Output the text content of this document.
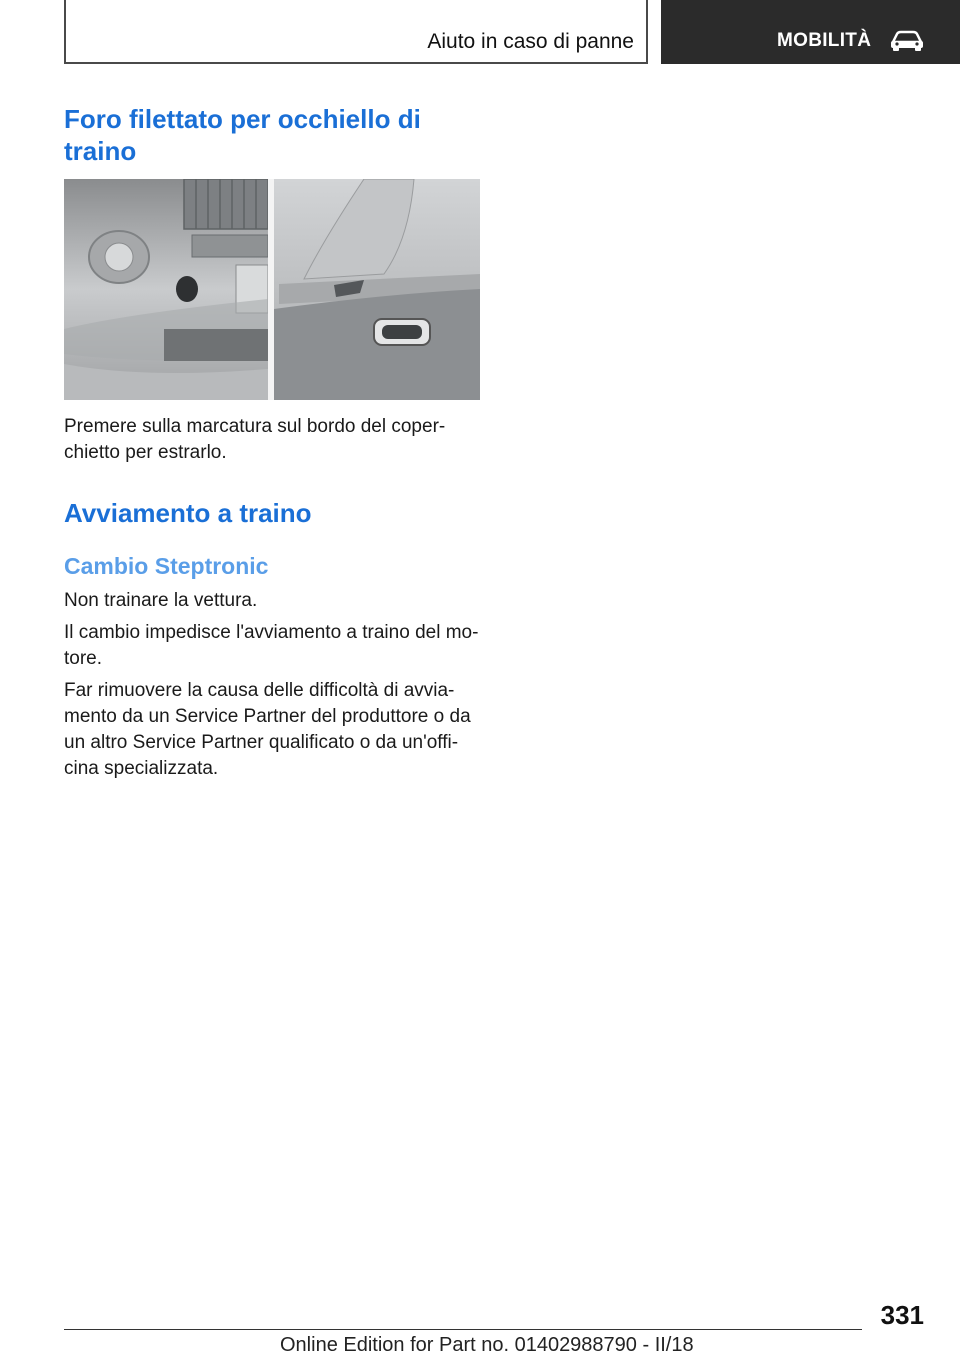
Aiuto in caso di panne	MOBILITÀ
Foro filettato per occhiello di traino

Premere sulla marcatura sul bordo del coper-chietto per estrarlo.

Avviamento a traino
Cambio Steptronic

Non trainare la vettura.

Il cambio impedisce l'avviamento a traino del mo-tore.

Far rimuovere la causa delle difficoltà di avvia-mento da un Service Partner del produttore o da un altro Service Partner qualificato o da un'offi-cina specializzata.

331
Online Edition for Part no. 01402988790 - II/18
